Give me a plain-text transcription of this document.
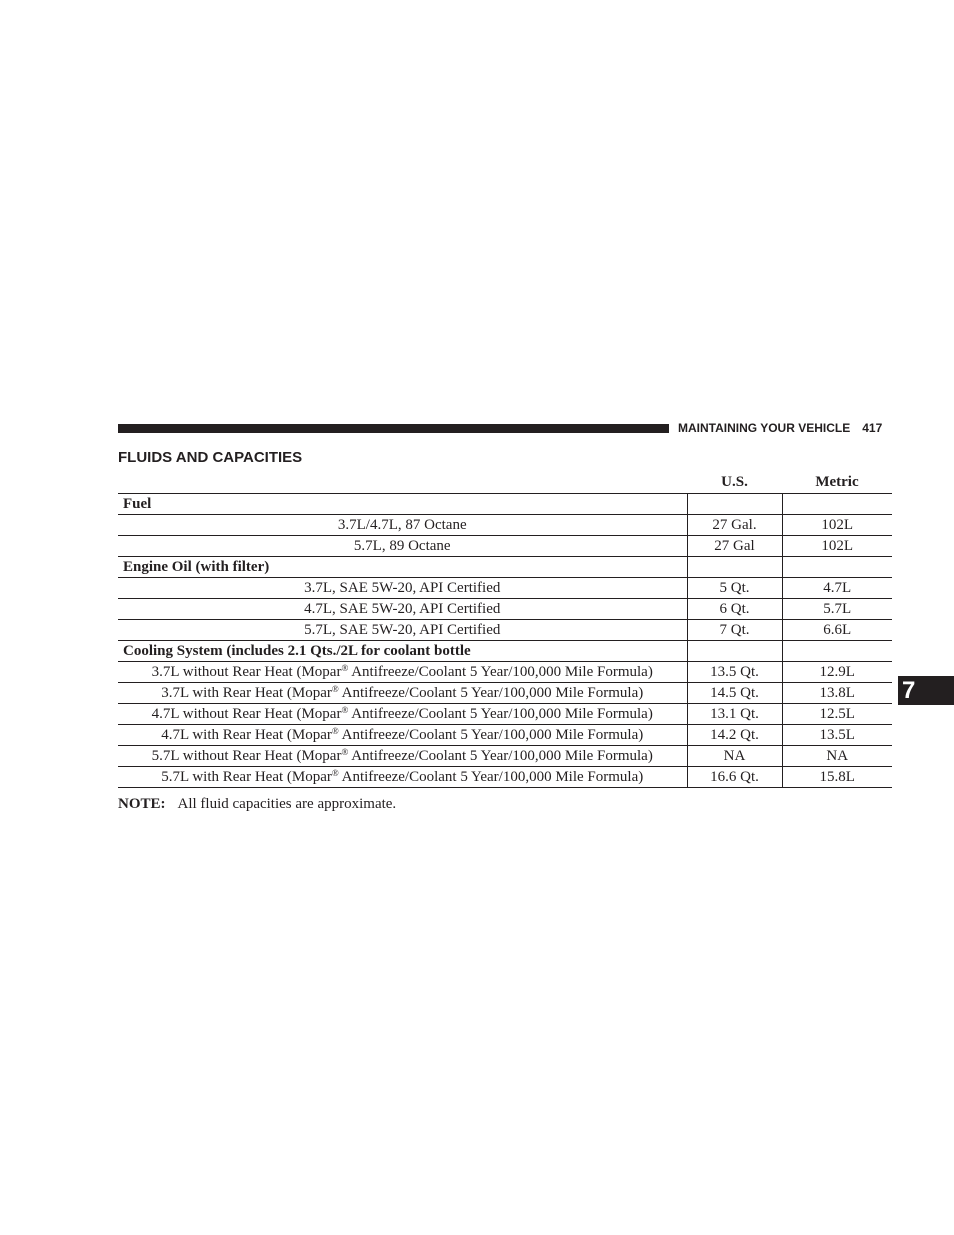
MAINTAINING YOUR VEHICLE 417
FLUIDS AND CAPACITIES
U.S.	Metric
Fuel		
3.7L/4.7L, 87 Octane	27 Gal.	102L
5.7L, 89 Octane	27 Gal	102L
Engine Oil (with filter)		
3.7L, SAE 5W-20, API Certified	5 Qt.	4.7L
4.7L, SAE 5W-20, API Certified	6 Qt.	5.7L
5.7L, SAE 5W-20, API Certified	7 Qt.	6.6L
Cooling System (includes 2.1 Qts./2L for coolant bottle		
3.7L without Rear Heat (Mopar® Antifreeze/Coolant 5 Year/100,000 Mile Formula)	13.5 Qt.	12.9L
3.7L with Rear Heat (Mopar® Antifreeze/Coolant 5 Year/100,000 Mile Formula)	14.5 Qt.	13.8L
4.7L without Rear Heat (Mopar® Antifreeze/Coolant 5 Year/100,000 Mile Formula)	13.1 Qt.	12.5L
4.7L with Rear Heat (Mopar® Antifreeze/Coolant 5 Year/100,000 Mile Formula)	14.2 Qt.	13.5L
5.7L without Rear Heat (Mopar® Antifreeze/Coolant 5 Year/100,000 Mile Formula)	NA	NA
5.7L with Rear Heat (Mopar® Antifreeze/Coolant 5 Year/100,000 Mile Formula)	16.6 Qt.	15.8L
NOTE: All fluid capacities are approximate.
7
